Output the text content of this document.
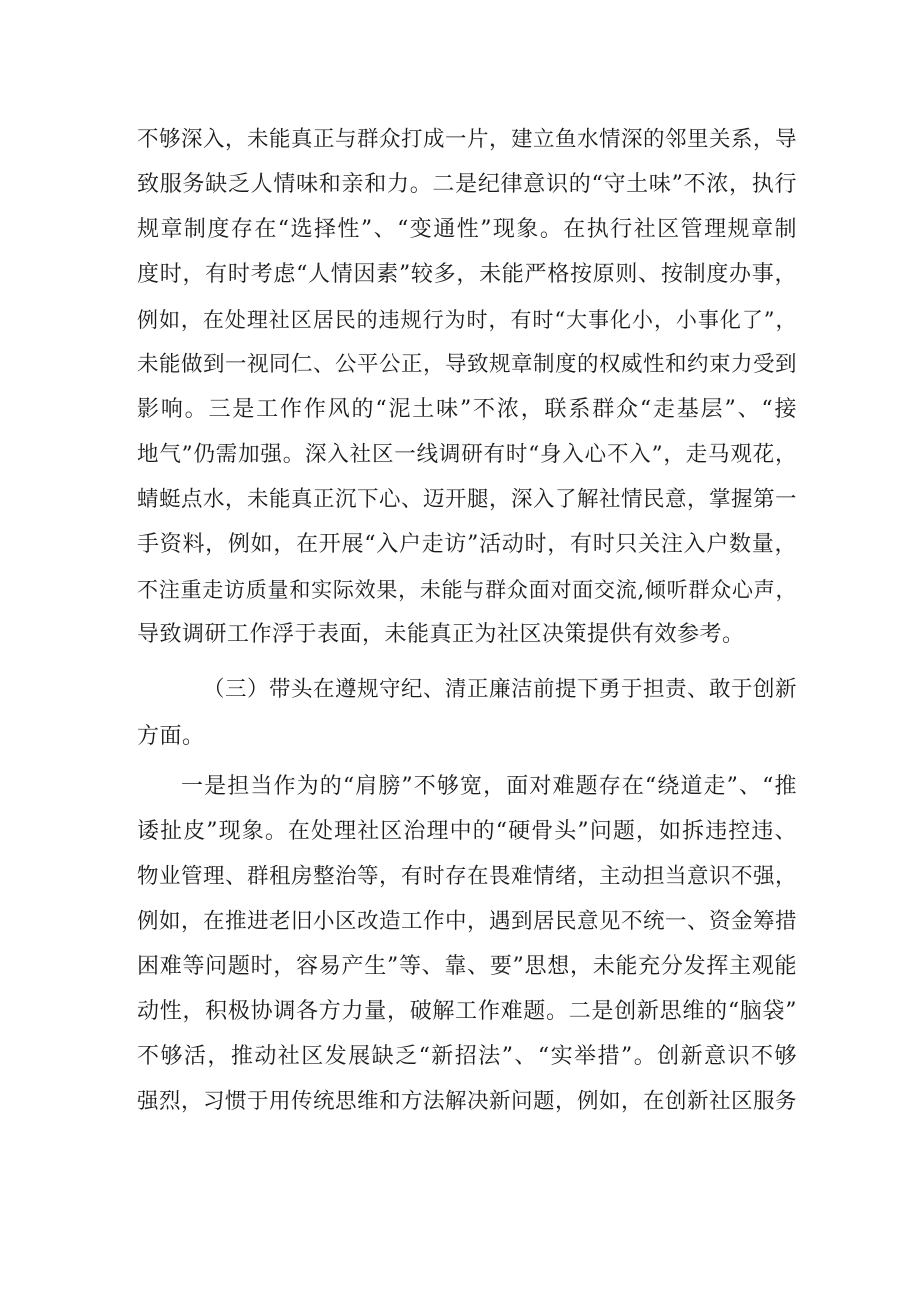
不够深入，未能真正与群众打成一片，建立鱼水情深的邻里关系，导
致服务缺乏人情味和亲和力。二是纪律意识的“守土味”不浓，执行
规章制度存在“选择性”、“变通性”现象。在执行社区管理规章制
度时，有时考虑“人情因素”较多，未能严格按原则、按制度办事，
例如，在处理社区居民的违规行为时，有时“大事化小，小事化了”，
未能做到一视同仁、公平公正，导致规章制度的权威性和约束力受到
影响。三是工作作风的“泥土味”不浓，联系群众“走基层”、“接
地气”仍需加强。深入社区一线调研有时“身入心不入”，走马观花，
蜻蜓点水，未能真正沉下心、迈开腿，深入了解社情民意，掌握第一
手资料，例如，在开展“入户走访”活动时，有时只关注入户数量，
不注重走访质量和实际效果，未能与群众面对面交流,倾听群众心声，
导致调研工作浮于表面，未能真正为社区决策提供有效参考。
（三）带头在遵规守纪、清正廉洁前提下勇于担责、敢于创新
方面。
一是担当作为的“肩膀”不够宽，面对难题存在“绕道走”、“推
诿扯皮”现象。在处理社区治理中的“硬骨头”问题，如拆违控违、
物业管理、群租房整治等，有时存在畏难情绪，主动担当意识不强，
例如，在推进老旧小区改造工作中，遇到居民意见不统一、资金筹措
困难等问题时，容易产生”等、靠、要”思想，未能充分发挥主观能
动性，积极协调各方力量，破解工作难题。二是创新思维的“脑袋”
不够活，推动社区发展缺乏“新招法”、“实举措”。创新意识不够
强烈，习惯于用传统思维和方法解决新问题，例如，在创新社区服务
